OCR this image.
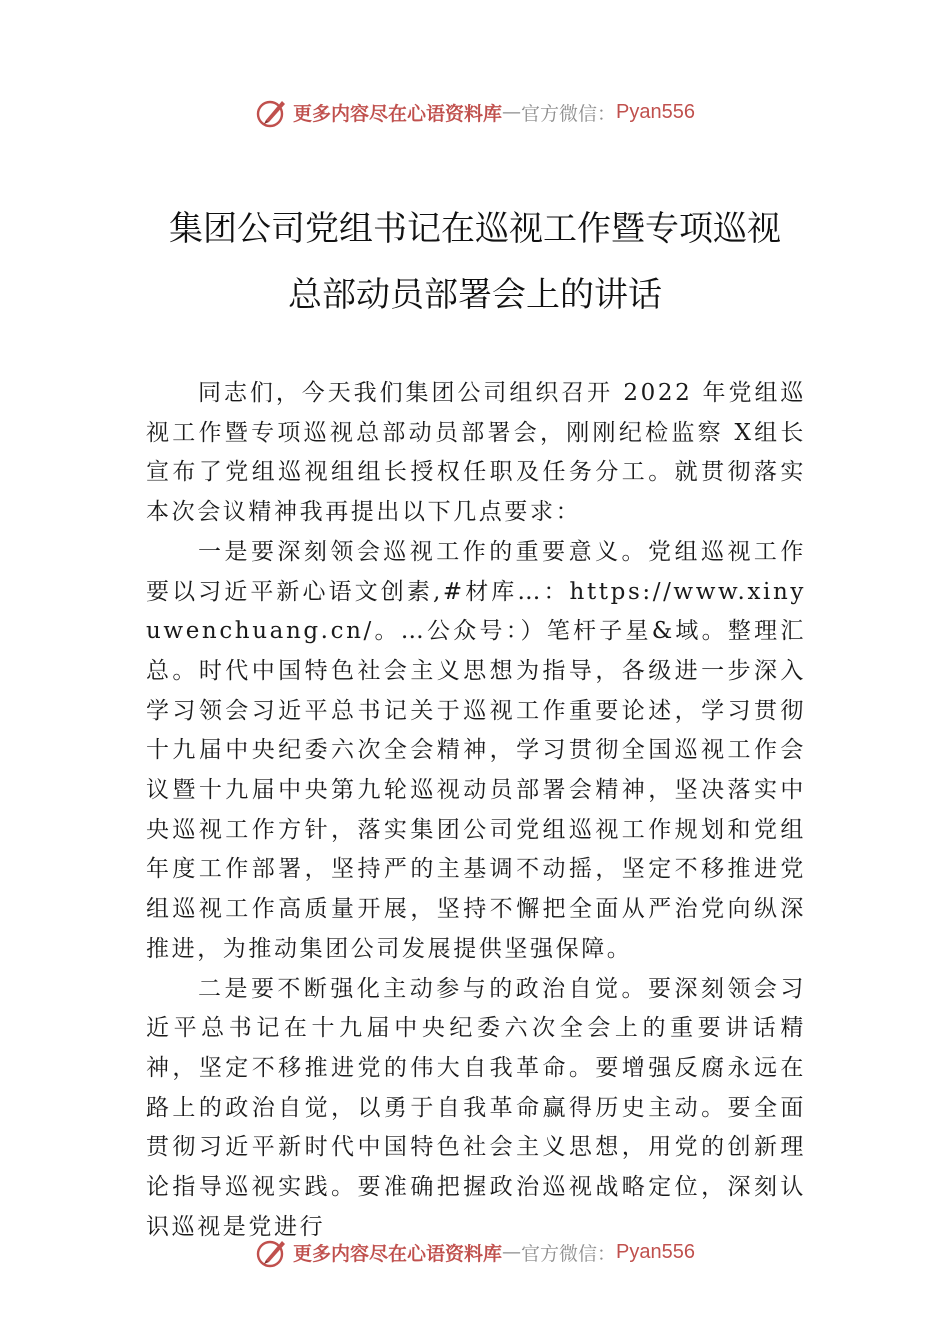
更多内容尽在心语资料库 — 官方微信： Pyan556
集团公司党组书记在巡视工作暨专项巡视
总部动员部署会上的讲话

同志们，今天我们集团公司组织召开 2022 年党组巡视工作暨专项巡视总部动员部署会，刚刚纪检监察 X组长宣布了党组巡视组组长授权任职及任务分工。就贯彻落实本次会议精神我再提出以下几点要求：

一是要深刻领会巡视工作的重要意义。党组巡视工作要以习近平新心语文创素,#材库…：https://www.xinyuwenchuang.cn/。…公众号：）笔杆子星&域。整理汇总。时代中国特色社会主义思想为指导，各级进一步深入学习领会习近平总书记关于巡视工作重要论述，学习贯彻十九届中央纪委六次全会精神，学习贯彻全国巡视工作会议暨十九届中央第九轮巡视动员部署会精神，坚决落实中央巡视工作方针，落实集团公司党组巡视工作规划和党组年度工作部署，坚持严的主基调不动摇，坚定不移推进党组巡视工作高质量开展，坚持不懈把全面从严治党向纵深推进，为推动集团公司发展提供坚强保障。

二是要不断强化主动参与的政治自觉。要深刻领会习近平总书记在十九届中央纪委六次全会上的重要讲话精神，坚定不移推进党的伟大自我革命。要增强反腐永远在路上的政治自觉，以勇于自我革命赢得历史主动。要全面贯彻习近平新时代中国特色社会主义思想，用党的创新理论指导巡视实践。要准确把握政治巡视战略定位，深刻认识巡视是党进行

更多内容尽在心语资料库 — 官方微信： Pyan556
